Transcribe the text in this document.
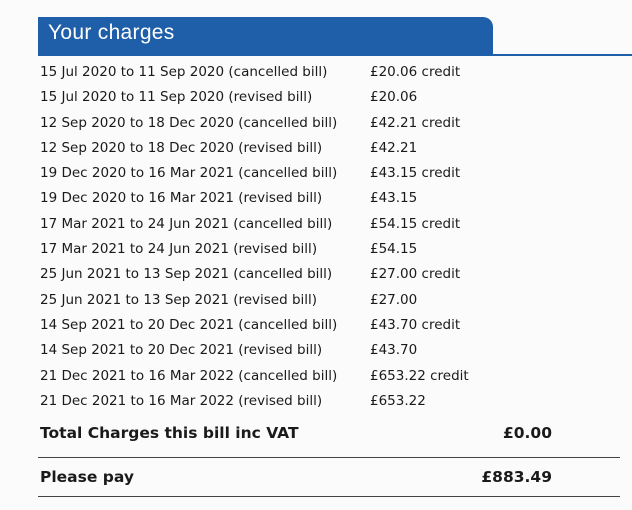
Your charges
15 Jul 2020 to 11 Sep 2020 (cancelled bill)	£20.06 credit
15 Jul 2020 to 11 Sep 2020 (revised bill)	£20.06
12 Sep 2020 to 18 Dec 2020 (cancelled bill) £42.21 credit
12 Sep 2020 to 18 Dec 2020 (revised bill)	£42.21
19 Dec 2020 to 16 Mar 2021 (cancelled bill) £43.15 credit
19 Dec 2020 to 16 Mar 2021 (revised bill)	£43.15
17 Mar 2021 to 24 Jun 2021 (cancelled bill)	£54.15 credit
17 Mar 2021 to 24 Jun 2021 (revised bill)	£54.15
25 Jun 2021 to 13 Sep 2021 (cancelled bill)	£27.00 credit
25 Jun 2021 to 13 Sep 2021 (revised bill)	£27.00
14 Sep 2021 to 20 Dec 2021 (cancelled bill) £43.70 credit
14 Sep 2021 to 20 Dec 2021 (revised bill)	£43.70
21 Dec 2021 to 16 Mar 2022 (cancelled bill) £653.22 credit
21 Dec 2021 to 16 Mar 2022 (revised bill)	£653.22
Total Charges this bill inc VAT	£0.00
Please pay	£883.49
